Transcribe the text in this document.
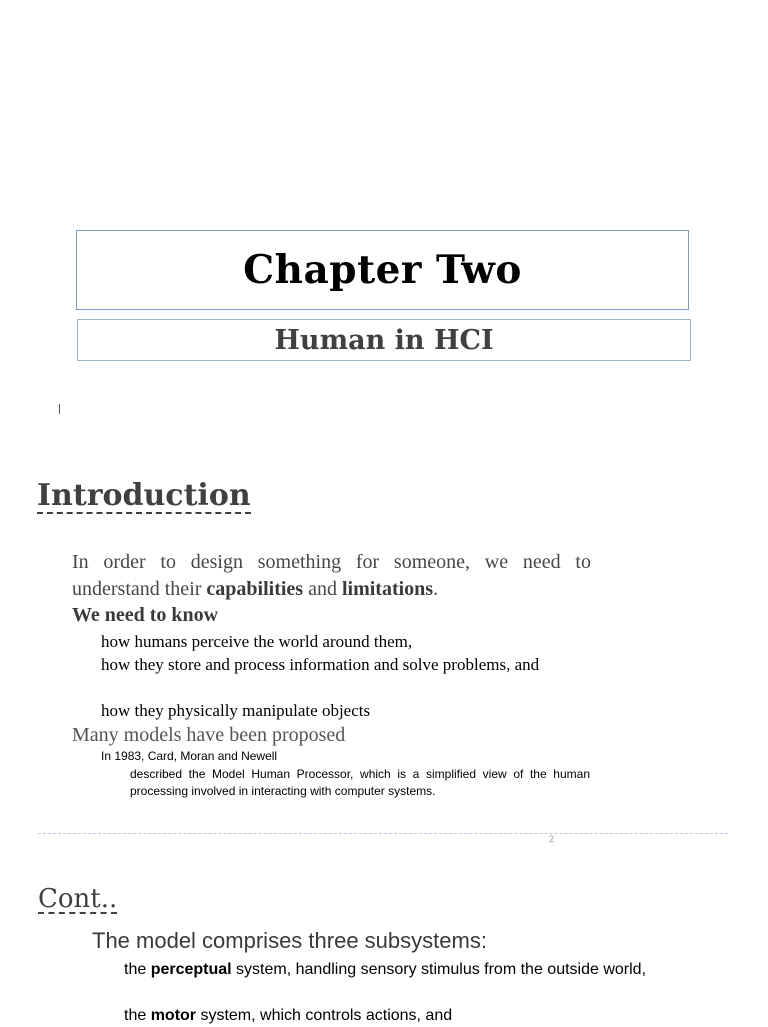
Chapter Two
Human in HCI
Introduction
In order to design something for someone, we need to understand their capabilities and limitations.
We need to know
how humans perceive the world around them,
how they store and process information and solve problems, and
how they physically manipulate objects
Many models have been proposed
In 1983, Card, Moran and Newell
described the Model Human Processor, which is a simplified view of the human processing involved in interacting with computer systems.
2
Cont..
The model comprises three subsystems:
the perceptual system, handling sensory stimulus from the outside world,
the motor system, which controls actions, and
